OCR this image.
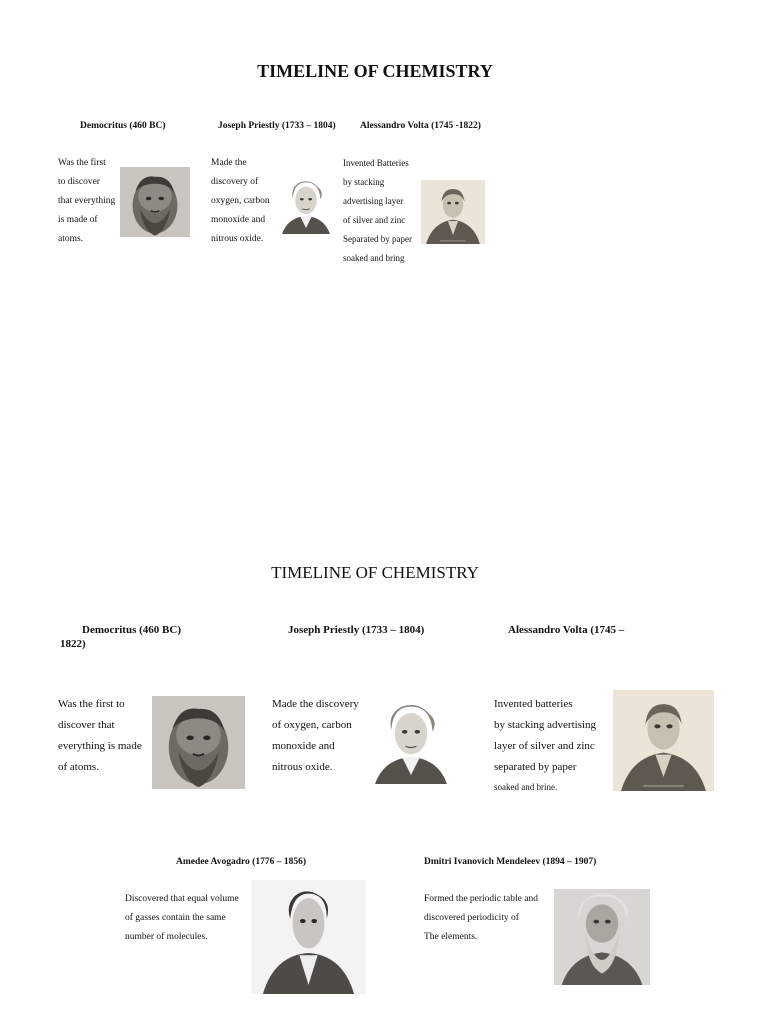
TIMELINE OF CHEMISTRY
Democritus (460 BC)	Joseph Priestly (1733 – 1804)	Alessandro Volta (1745 -1822)
Was the first
to discover
that everything
is made of
atoms.
Made the
discovery of
oxygen, carbon
monoxide and
nitrous oxide.
Invented Batteries
by stacking
advertising layer
of silver and zinc
Separated by paper
soaked and bring
TIMELINE OF CHEMISTRY
Democritus (460 BC)	Joseph Priestly (1733 – 1804)	Alessandro Volta (1745 –
1822)
Was the first to
discover that
everything is made
of atoms.
Made the discovery
of oxygen, carbon
monoxide and
nitrous oxide.
Invented batteries
by stacking advertising
layer of silver and zinc
separated by paper
soaked and brine.
Amedee Avogadro (1776 – 1856)
Discovered that equal volume
of gasses contain the same
number of molecules.
Dmitri Ivanovich Mendeleev (1894 – 1907)
Formed the periodic table and
discovered periodicity of
The elements.
